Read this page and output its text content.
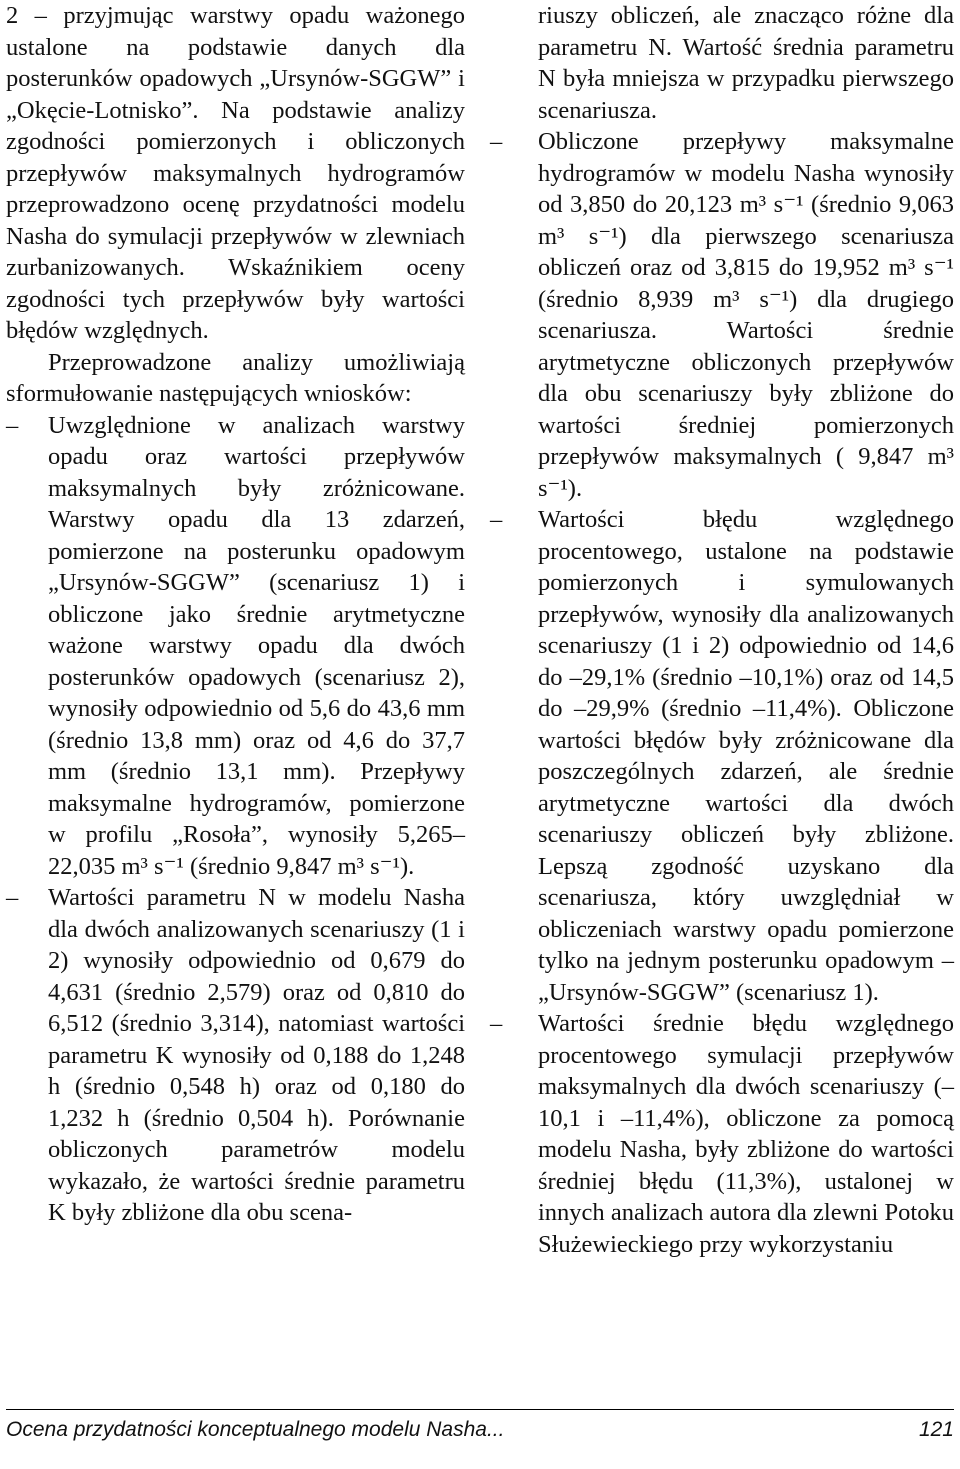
2 – przyjmując warstwy opadu ważonego ustalone na podstawie danych dla posterunków opadowych „Ursynów-SGGW” i „Okęcie-Lotnisko”. Na podstawie analizy zgodności pomierzonych i obliczonych przepływów maksymalnych hydrogramów przeprowadzono ocenę przydatności modelu Nasha do symulacji przepływów w zlewniach zurbanizowanych. Wskaźnikiem oceny zgodności tych przepływów były wartości błędów względnych.

Przeprowadzone analizy umożliwiają sformułowanie następujących wniosków:

– Uwzględnione w analizach warstwy opadu oraz wartości przepływów maksymalnych były zróżnicowane. Warstwy opadu dla 13 zdarzeń, pomierzone na posterunku opadowym „Ursynów-SGGW” (scenariusz 1) i obliczone jako średnie arytmetyczne ważone warstwy opadu dla dwóch posterunków opadowych (scenariusz 2), wynosiły odpowiednio od 5,6 do 43,6 mm (średnio 13,8 mm) oraz od 4,6 do 37,7 mm (średnio 13,1 mm). Przepływy maksymalne hydrogramów, pomierzone w profilu „Rosoła”, wynosiły 5,265–22,035 m³ s⁻¹ (średnio 9,847 m³ s⁻¹).

– Wartości parametru N w modelu Nasha dla dwóch analizowanych scenariuszy (1 i 2) wynosiły odpowiednio od 0,679 do 4,631 (średnio 2,579) oraz od 0,810 do 6,512 (średnio 3,314), natomiast wartości parametru K wynosiły od 0,188 do 1,248 h (średnio 0,548 h) oraz od 0,180 do 1,232 h (średnio 0,504 h). Porównanie obliczonych parametrów modelu wykazało, że wartości średnie parametru K były zbliżone dla obu scena-

riuszy obliczeń, ale znacząco różne dla parametru N. Wartość średnia parametru N była mniejsza w przypadku pierwszego scenariusza.

– Obliczone przepływy maksymalne hydrogramów w modelu Nasha wynosiły od 3,850 do 20,123 m³ s⁻¹ (średnio 9,063 m³ s⁻¹) dla pierwszego scenariusza obliczeń oraz od 3,815 do 19,952 m³ s⁻¹ (średnio 8,939 m³ s⁻¹) dla drugiego scenariusza. Wartości średnie arytmetyczne obliczonych przepływów dla obu scenariuszy były zbliżone do wartości średniej pomierzonych przepływów maksymalnych ( 9,847 m³ s⁻¹).

– Wartości błędu względnego procentowego, ustalone na podstawie pomierzonych i symulowanych przepływów, wynosiły dla analizowanych scenariuszy (1 i 2) odpowiednio od 14,6 do –29,1% (średnio –10,1%) oraz od 14,5 do –29,9% (średnio –11,4%). Obliczone wartości błędów były zróżnicowane dla poszczególnych zdarzeń, ale średnie arytmetyczne wartości dla dwóch scenariuszy obliczeń były zbliżone. Lepszą zgodność uzyskano dla scenariusza, który uwzględniał w obliczeniach warstwy opadu pomierzone tylko na jednym posterunku opadowym – „Ursynów-SGGW” (scenariusz 1).

– Wartości średnie błędu względnego procentowego symulacji przepływów maksymalnych dla dwóch scenariuszy (–10,1 i –11,4%), obliczone za pomocą modelu Nasha, były zbliżone do wartości średniej błędu (11,3%), ustalonej w innych analizach autora dla zlewni Potoku Służewieckiego przy wykorzystaniu

Ocena przydatności konceptualnego modelu Nasha...	121
